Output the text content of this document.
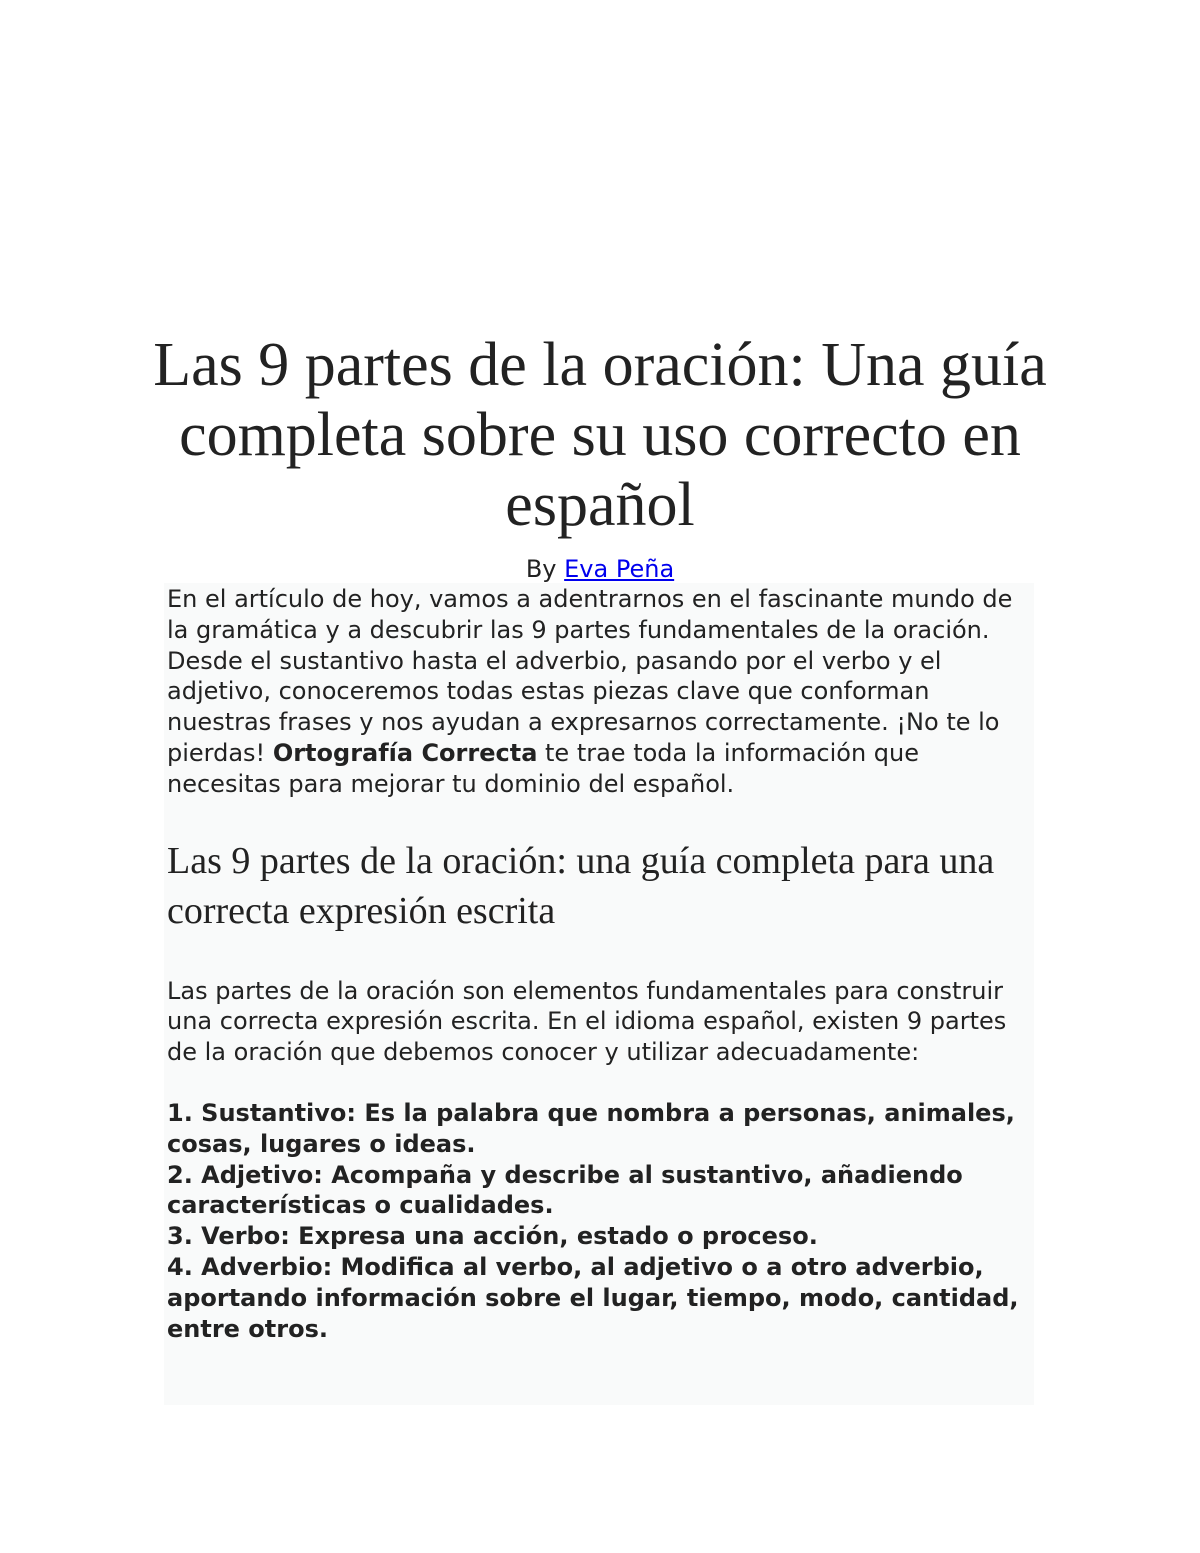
Las 9 partes de la oración: Una guía completa sobre su uso correcto en español
By Eva Peña

En el artículo de hoy, vamos a adentrarnos en el fascinante mundo de la gramática y a descubrir las 9 partes fundamentales de la oración. Desde el sustantivo hasta el adverbio, pasando por el verbo y el adjetivo, conoceremos todas estas piezas clave que conforman nuestras frases y nos ayudan a expresarnos correctamente. ¡No te lo pierdas! Ortografía Correcta te trae toda la información que necesitas para mejorar tu dominio del español.

Las 9 partes de la oración: una guía completa para una correcta expresión escrita

Las partes de la oración son elementos fundamentales para construir una correcta expresión escrita. En el idioma español, existen 9 partes de la oración que debemos conocer y utilizar adecuadamente:

1. Sustantivo: Es la palabra que nombra a personas, animales, cosas, lugares o ideas.
2. Adjetivo: Acompaña y describe al sustantivo, añadiendo características o cualidades.
3. Verbo: Expresa una acción, estado o proceso.
4. Adverbio: Modifica al verbo, al adjetivo o a otro adverbio, aportando información sobre el lugar, tiempo, modo, cantidad, entre otros.
